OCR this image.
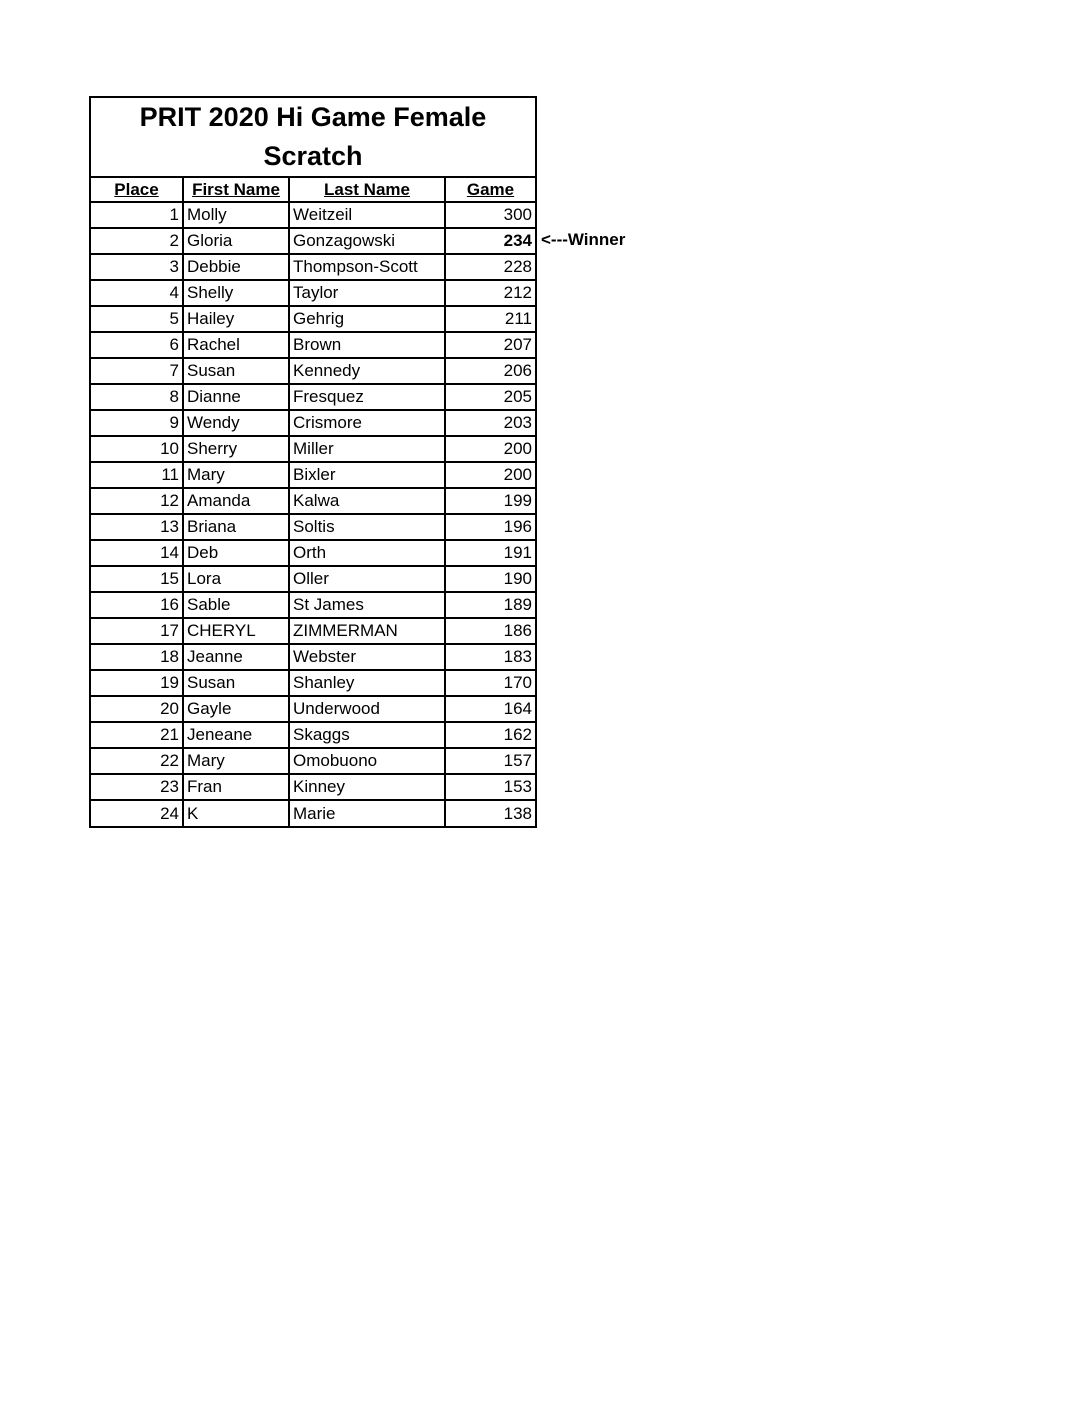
PRIT 2020 Hi Game Female
Scratch
Place	First Name	Last Name	Game
1	Molly	Weitzeil	300
2	Gloria	Gonzagowski	234
3	Debbie	Thompson-Scott	228
4	Shelly	Taylor	212
5	Hailey	Gehrig	211
6	Rachel	Brown	207
7	Susan	Kennedy	206
8	Dianne	Fresquez	205
9	Wendy	Crismore	203
10	Sherry	Miller	200
11	Mary	Bixler	200
12	Amanda	Kalwa	199
13	Briana	Soltis	196
14	Deb	Orth	191
15	Lora	Oller	190
16	Sable	St James	189
17	CHERYL	ZIMMERMAN	186
18	Jeanne	Webster	183
19	Susan	Shanley	170
20	Gayle	Underwood	164
21	Jeneane	Skaggs	162
22	Mary	Omobuono	157
23	Fran	Kinney	153
24	K	Marie	138
<---Winner
